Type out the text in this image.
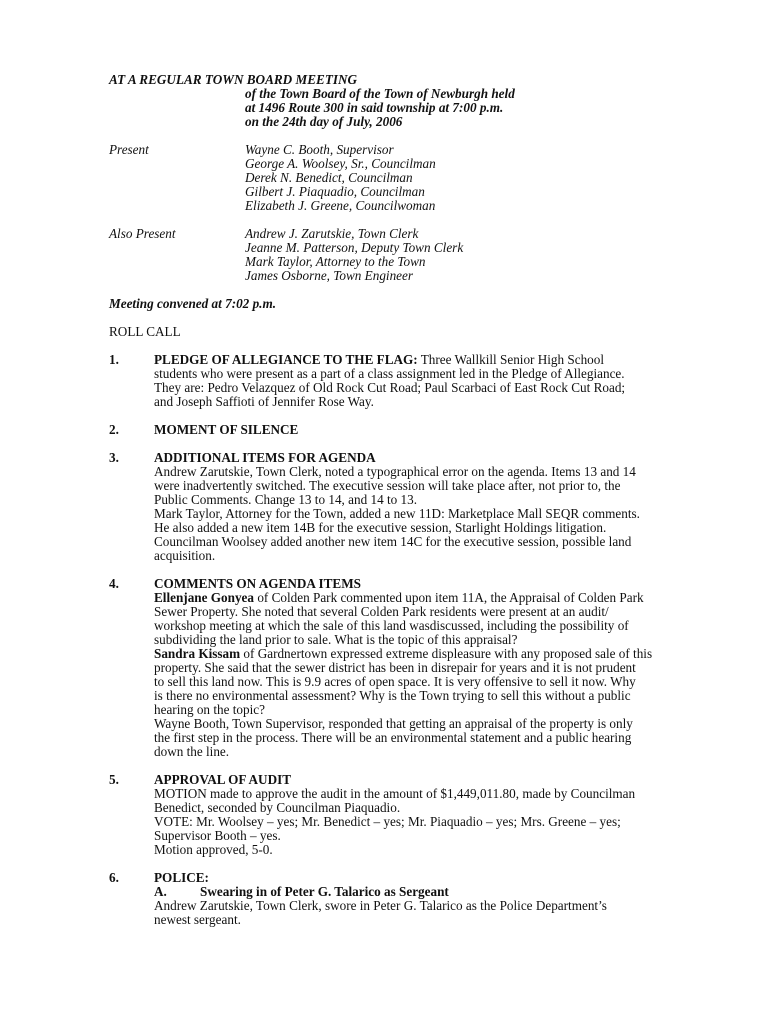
AT A REGULAR TOWN BOARD MEETING
of the Town Board of the Town of Newburgh held
at 1496 Route 300 in said township at 7:00 p.m.
on the 24th day of July, 2006
Present	Wayne C. Booth, Supervisor
George A. Woolsey, Sr., Councilman
Derek N. Benedict, Councilman
Gilbert J. Piaquadio, Councilman
Elizabeth J. Greene, Councilwoman
Also Present	Andrew J. Zarutskie, Town Clerk
Jeanne M. Patterson, Deputy Town Clerk
Mark Taylor, Attorney to the Town
James Osborne, Town Engineer
Meeting convened at 7:02 p.m.
ROLL CALL
1.	PLEDGE OF ALLEGIANCE TO THE FLAG: Three Wallkill Senior High School
students who were present as a part of a class assignment led in the Pledge of Allegiance.
They are: Pedro Velazquez of Old Rock Cut Road; Paul Scarbaci of East Rock Cut Road;
and Joseph Saffioti of Jennifer Rose Way.
2.	MOMENT OF SILENCE
3.	ADDITIONAL ITEMS FOR AGENDA
Andrew Zarutskie, Town Clerk, noted a typographical error on the agenda. Items 13 and 14
were inadvertently switched. The executive session will take place after, not prior to, the
Public Comments. Change 13 to 14, and 14 to 13.
Mark Taylor, Attorney for the Town, added a new 11D: Marketplace Mall SEQR comments.
He also added a new item 14B for the executive session, Starlight Holdings litigation.
Councilman Woolsey added another new item 14C for the executive session, possible land
acquisition.
4.	COMMENTS ON AGENDA ITEMS
Ellenjane Gonyea of Colden Park commented upon item 11A, the Appraisal of Colden Park
Sewer Property. She noted that several Colden Park residents were present at an audit/
workshop meeting at which the sale of this land wasdiscussed, including the possibility of
subdividing the land prior to sale. What is the topic of this appraisal?
Sandra Kissam of Gardnertown expressed extreme displeasure with any proposed sale of this
property. She said that the sewer district has been in disrepair for years and it is not prudent
to sell this land now. This is 9.9 acres of open space. It is very offensive to sell it now. Why
is there no environmental assessment? Why is the Town trying to sell this without a public
hearing on the topic?
Wayne Booth, Town Supervisor, responded that getting an appraisal of the property is only
the first step in the process. There will be an environmental statement and a public hearing
down the line.
5.	APPROVAL OF AUDIT
MOTION made to approve the audit in the amount of $1,449,011.80, made by Councilman
Benedict, seconded by Councilman Piaquadio.
VOTE: Mr. Woolsey – yes; Mr. Benedict – yes; Mr. Piaquadio – yes; Mrs. Greene – yes;
Supervisor Booth – yes.
Motion approved, 5-0.
6.	POLICE:
A.	Swearing in of Peter G. Talarico as Sergeant
Andrew Zarutskie, Town Clerk, swore in Peter G. Talarico as the Police Department’s
newest sergeant.
